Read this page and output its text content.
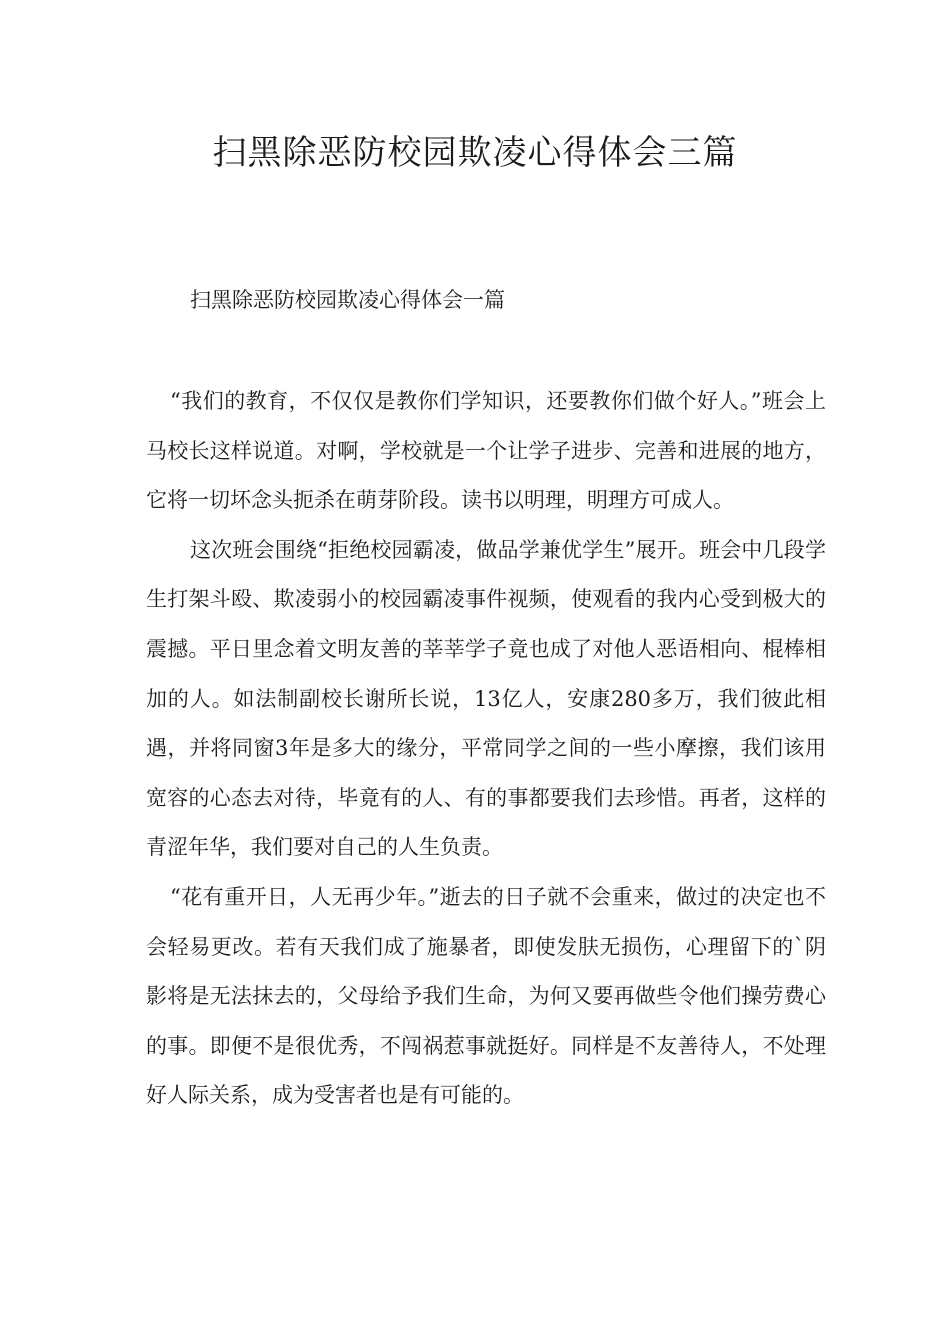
扫黑除恶防校园欺凌心得体会三篇
扫黑除恶防校园欺凌心得体会一篇

“我们的教育，不仅仅是教你们学知识，还要教你们做个好人。”班会上马校长这样说道。对啊，学校就是一个让学子进步、完善和进展的地方，它将一切坏念头扼杀在萌芽阶段。读书以明理，明理方可成人。

这次班会围绕“拒绝校园霸凌，做品学兼优学生”展开。班会中几段学生打架斗殴、欺凌弱小的校园霸凌事件视频，使观看的我内心受到极大的震撼。平日里念着文明友善的莘莘学子竟也成了对他人恶语相向、棍棒相加的人。如法制副校长谢所长说，13亿人，安康280多万，我们彼此相遇，并将同窗3年是多大的缘分，平常同学之间的一些小摩擦，我们该用宽容的心态去对待，毕竟有的人、有的事都要我们去珍惜。再者，这样的青涩年华，我们要对自己的人生负责。

“花有重开日，人无再少年。”逝去的日子就不会重来，做过的决定也不会轻易更改。若有天我们成了施暴者，即使发肤无损伤，心理留下的`阴影将是无法抹去的，父母给予我们生命，为何又要再做些令他们操劳费心的事。即便不是很优秀，不闯祸惹事就挺好。同样是不友善待人，不处理好人际关系，成为受害者也是有可能的。
